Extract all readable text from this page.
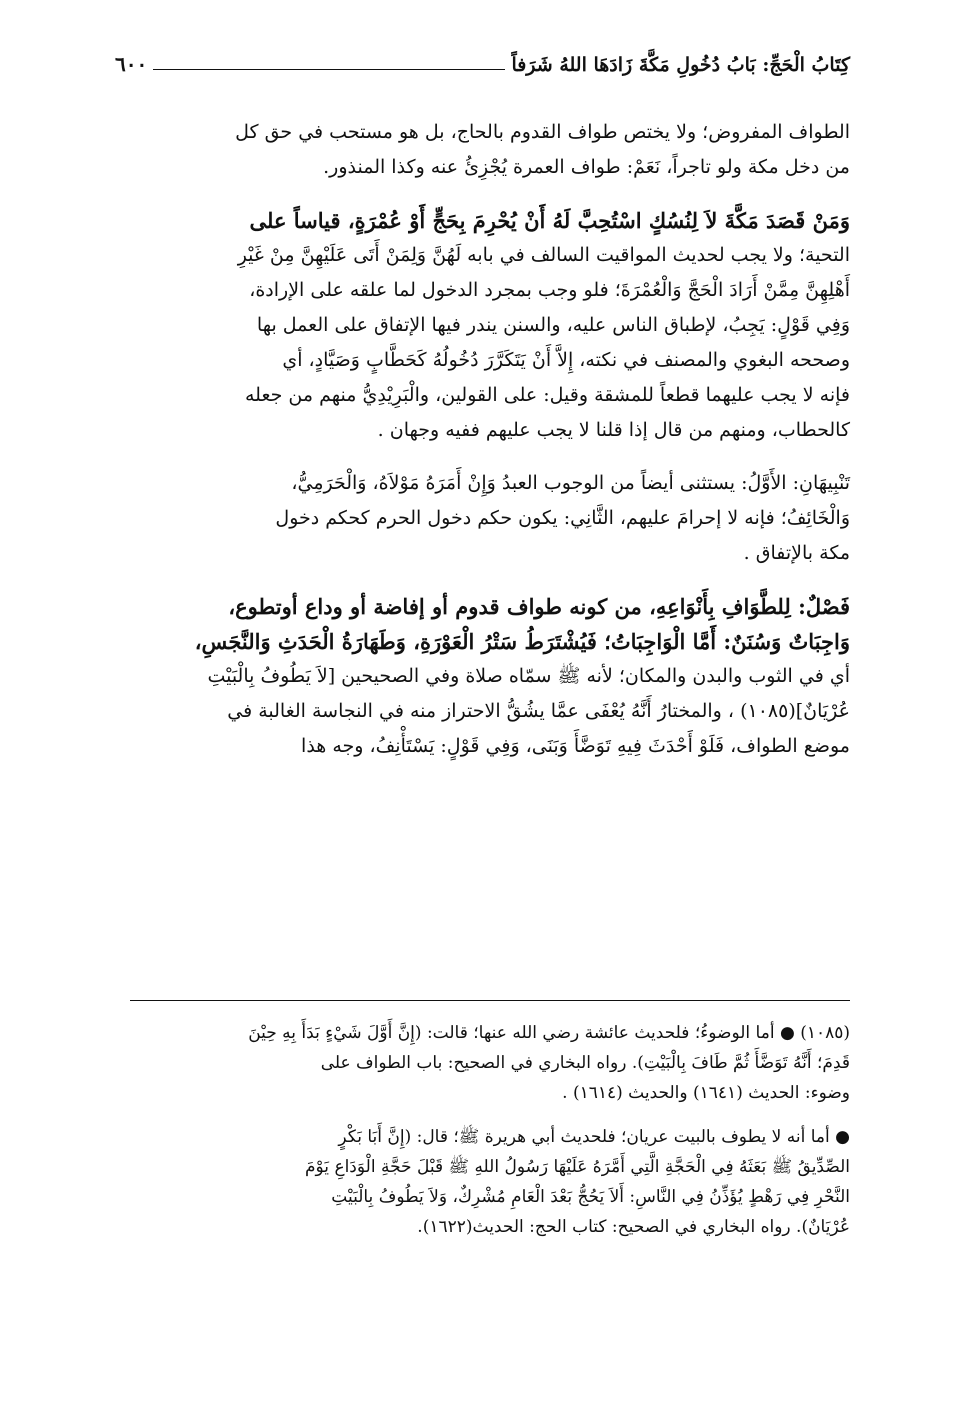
كِتَابُ الْحَجِّ: بَابُ دُخُولِ مَكَّةَ زَادَهَا اللهُ شَرَفاً
٦٠٠

الطواف المفروض؛ ولا يختص طواف القدوم بالحاج، بل هو مستحب في حق كل

من دخل مكة ولو تاجراً، نَعَمْ: طواف العمرة يُجْزِئُ عنه وكذا المنذور.

وَمَنْ قَصَدَ مَكَّةَ لاَ لِنُسُكٍ اسْتُحِبَّ لَهُ أَنْ يُحْرِمَ بِحَجٍّ أَوْ عُمْرَةٍ، قياساً على

التحية؛ ولا يجب لحديث المواقيت السالف في بابه لَهُنَّ وَلِمَنْ أَتَى عَلَيْهِنَّ مِنْ غَيْرِ

أَهْلِهِنَّ مِمَّنْ أَرَادَ الْحَجَّ وَالْعُمْرَةَ؛ فلو وجب بمجرد الدخول لما علقه على الإرادة،

وَفِي قَوْلٍ: يَجِبُ، لإطباق الناس عليه، والسنن يندر فيها الإتفاق على العمل بها

وصححه البغوي والمصنف في نكته، إِلاَّ أَنْ يَتَكَرَّرَ دُخُولُهُ كَحَطَّابٍ وَصَيَّادٍ، أي

فإنه لا يجب عليهما قطعاً للمشقة وقيل: على القولين، والْبَرِيْدِيُّ منهم من جعله

كالحطاب، ومنهم من قال إذا قلنا لا يجب عليهم ففيه وجهان .

تَنْبِيهَانِ: الأَوَّلُ: يستثنى أيضاً من الوجوب العبدُ وَإِنْ أَمَرَهُ مَوْلاَهُ، وَالْحَرَمِيُّ،

وَالْخَائِفُ؛ فإنه لا إحرامَ عليهم، الثَّانِي: يكون حكم دخول الحرم كحكم دخول

مكة بالإتفاق .

فَصْلٌ: لِلطَّوَافِ بِأَنْوَاعِهِ، من كونه طواف قدوم أو إفاضة أو وداع أوتطوع،

وَاجِبَاتٌ وَسُنَنٌ: أَمَّا الْوَاجِبَاتُ؛ فَيُشْتَرَطُ سَتْرُ الْعَوْرَةِ، وَطَهَارَةُ الْحَدَثِ وَالنَّجَسِ،

أي في الثوب والبدن والمكان؛ لأنه ﷺ سمّاه صلاة وفي الصحيحين [لاَ يَطُوفُ بِالْبَيْتِ

عُرْيَانٌ](١٠٨٥) ، والمختارُ أَنَّهُ يُعْفَى عمَّا يشُقُّ الاحتراز منه في النجاسة الغالبة في

موضع الطواف، فَلَوْ أَحْدَثَ فِيهِ تَوَضَّأَ وَبَنَى، وَفِي قَوْلٍ: يَسْتَأْنِفُ، وجه هذا

(١٠٨٥) ● أما الوضوءُ؛ فلحديث عائشة رضي الله عنها؛ قالت: (إِنَّ أَوَّلَ شَيْءٍ بَدَأَ بِهِ حِيْنَ

قَدِمَ؛ أَنَّهُ تَوَضَّأَ ثُمَّ طَافَ بِالْبَيْتِ). رواه البخاري في الصحيح: باب الطواف على

وضوء: الحديث (١٦٤١) والحديث (١٦١٤) .

● أما أنه لا يطوف بالبيت عريان؛ فلحديث أبي هريرة ﷺ؛ قال: (إِنَّ أَبَا بَكْرٍ

الصِّدِّيقُ ﷺ بَعَثَهُ فِي الْحَجَّةِ الَّتِي أَمَّرَهُ عَلَيْهَا رَسُولُ اللهِ ﷺ قَبْلَ حَجَّةِ الْوَدَاعِ يَوْمَ

النَّحْرِ فِي رَهْطٍ يُؤَذِّنُ فِي النَّاسِ: أَلاَ يَحُجُّ بَعْدَ الْعَامِ مُشْرِكٌ، وَلاَ يَطُوفُ بِالْبَيْتِ

عُرْيَانٌ). رواه البخاري في الصحيح: كتاب الحج: الحديث(١٦٢٢).
